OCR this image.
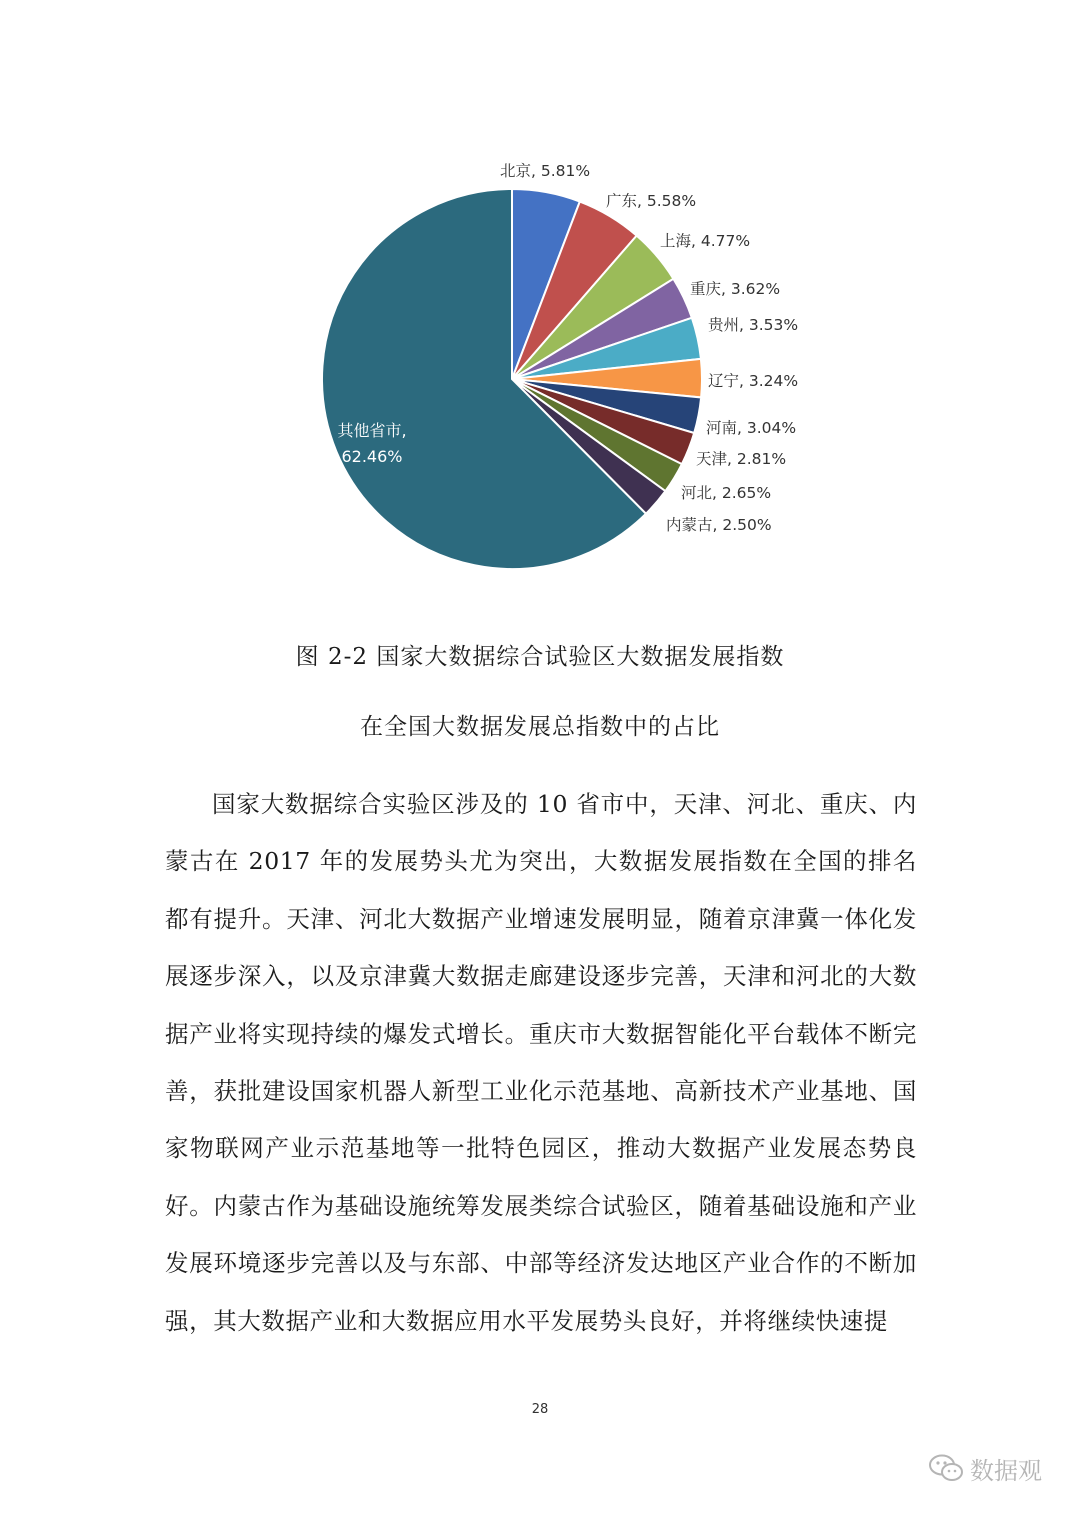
北京, 5.81%
广东, 5.58%
上海, 4.77%
重庆, 3.62%
贵州, 3.53%
辽宁, 3.24%
河南, 3.04%
天津, 2.81%
河北, 2.65%
内蒙古, 2.50%
其他省市, 62.46%
图 2-2 国家大数据综合试验区大数据发展指数
在全国大数据发展总指数中的占比
国家大数据综合实验区涉及的 10 省市中，天津、河北、重庆、内蒙古在 2017 年的发展势头尤为突出，大数据发展指数在全国的排名都有提升。天津、河北大数据产业增速发展明显，随着京津冀一体化发展逐步深入，以及京津冀大数据走廊建设逐步完善，天津和河北的大数据产业将实现持续的爆发式增长。重庆市大数据智能化平台载体不断完善，获批建设国家机器人新型工业化示范基地、高新技术产业基地、国家物联网产业示范基地等一批特色园区，推动大数据产业发展态势良好。内蒙古作为基础设施统筹发展类综合试验区，随着基础设施和产业发展环境逐步完善以及与东部、中部等经济发达地区产业合作的不断加强，其大数据产业和大数据应用水平发展势头良好，并将继续快速提
28
数据观
